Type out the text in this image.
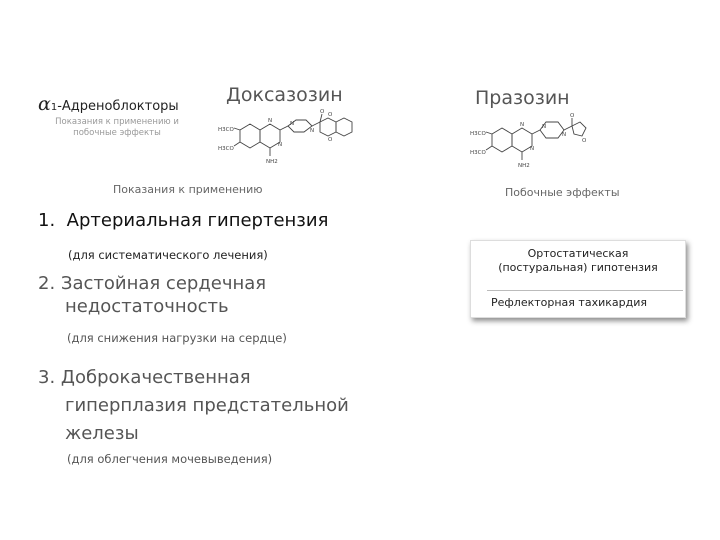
α1-Адреноблокторы
Показания к применению и побочные эффекты
Доксазозин	Празозин
H3CO
H3CO
NH2
N
N
N
N
O O
O
H3CO
H3CO
NH2
N
N
N
N
O
O
Показания к применению	Побочные эффекты
1. Артериальная гипертензия
(для систематического лечения)
2. Застойная сердечная
недостаточность
(для снижения нагрузки на сердце)
3. Доброкачественная
гиперплазия предстательной
железы
(для облегчения мочевыведения)
Ортостатическая
(постуральная) гипотензия
Рефлекторная тахикардия
